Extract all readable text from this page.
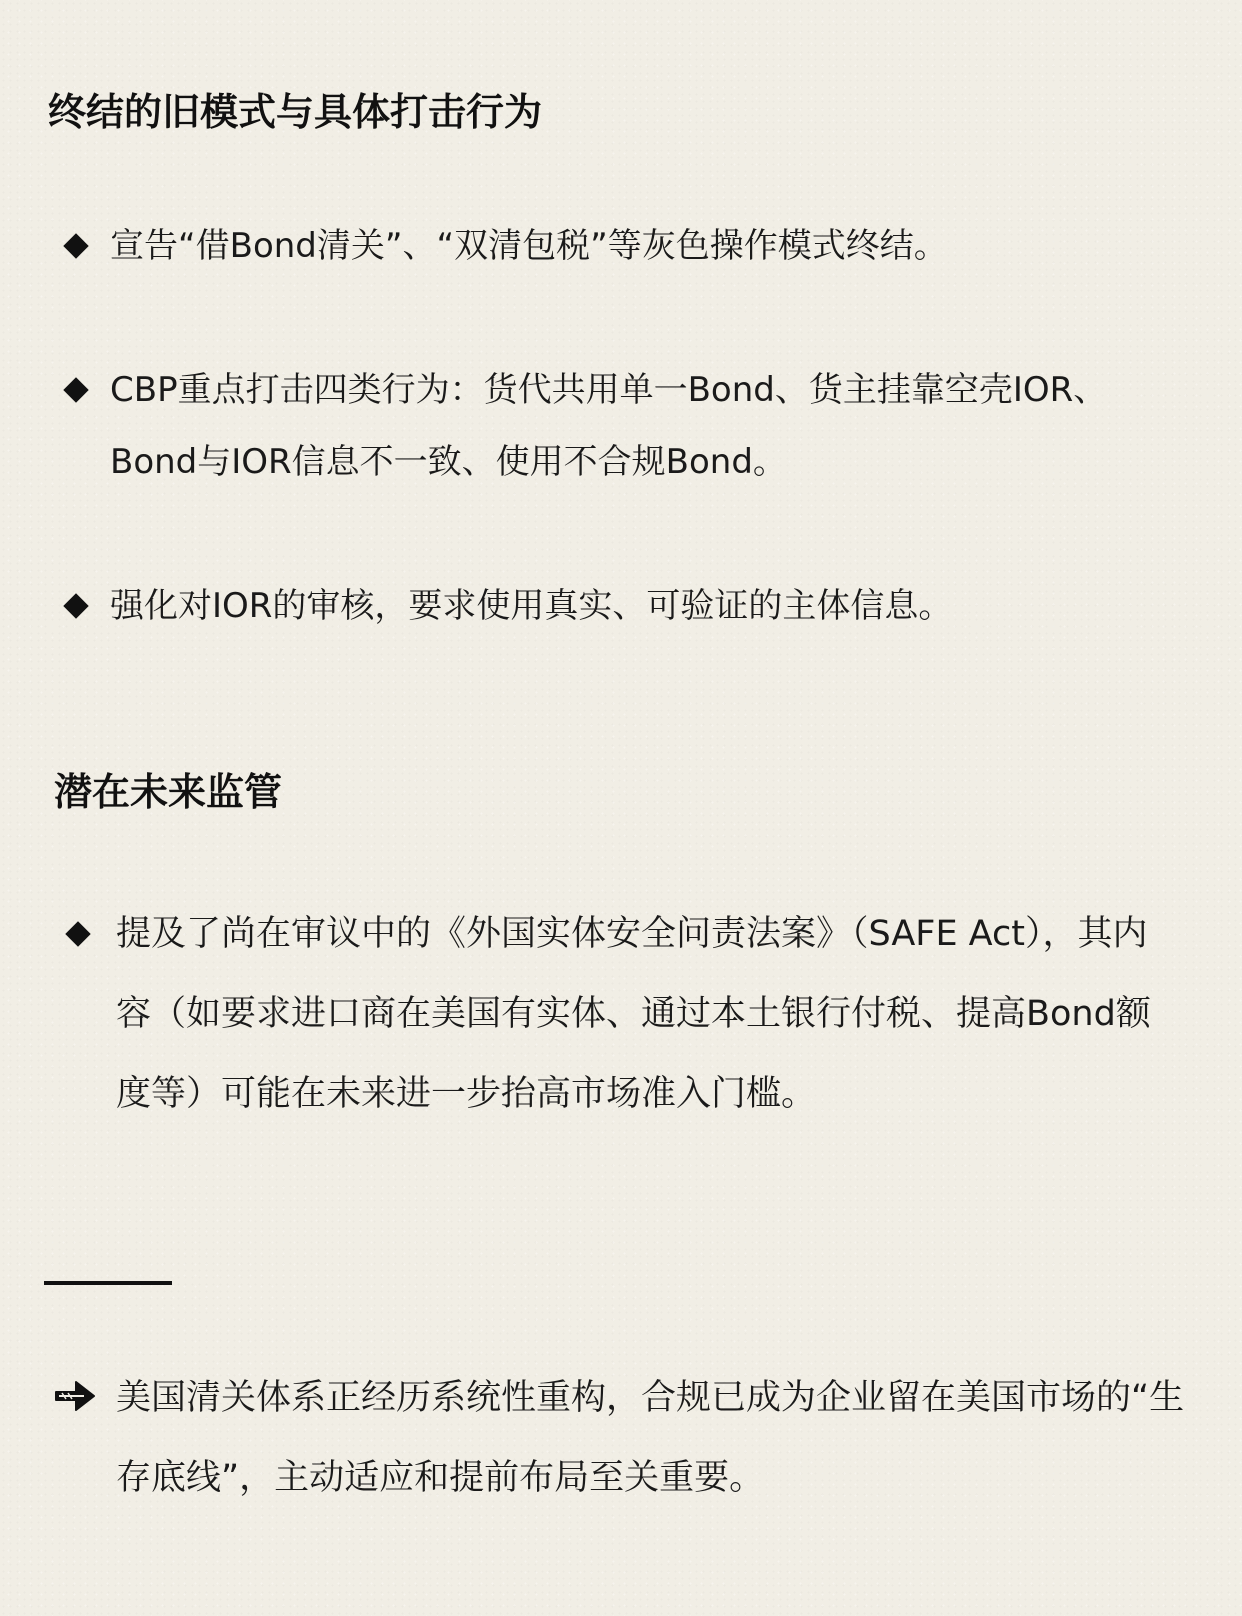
终结的旧模式与具体打击行为
宣告“借Bond清关”、“双清包税”等灰色操作模式终结。
CBP重点打击四类行为：货代共用单一Bond、货主挂靠空壳IOR、Bond与IOR信息不一致、使用不合规Bond。
强化对IOR的审核，要求使用真实、可验证的主体信息。
潜在未来监管
提及了尚在审议中的《外国实体安全问责法案》（SAFE Act），其内容（如要求进口商在美国有实体、通过本土银行付税、提高Bond额度等）可能在未来进一步抬高市场准入门槛。
美国清关体系正经历系统性重构，合规已成为企业留在美国市场的“生存底线”，主动适应和提前布局至关重要。
